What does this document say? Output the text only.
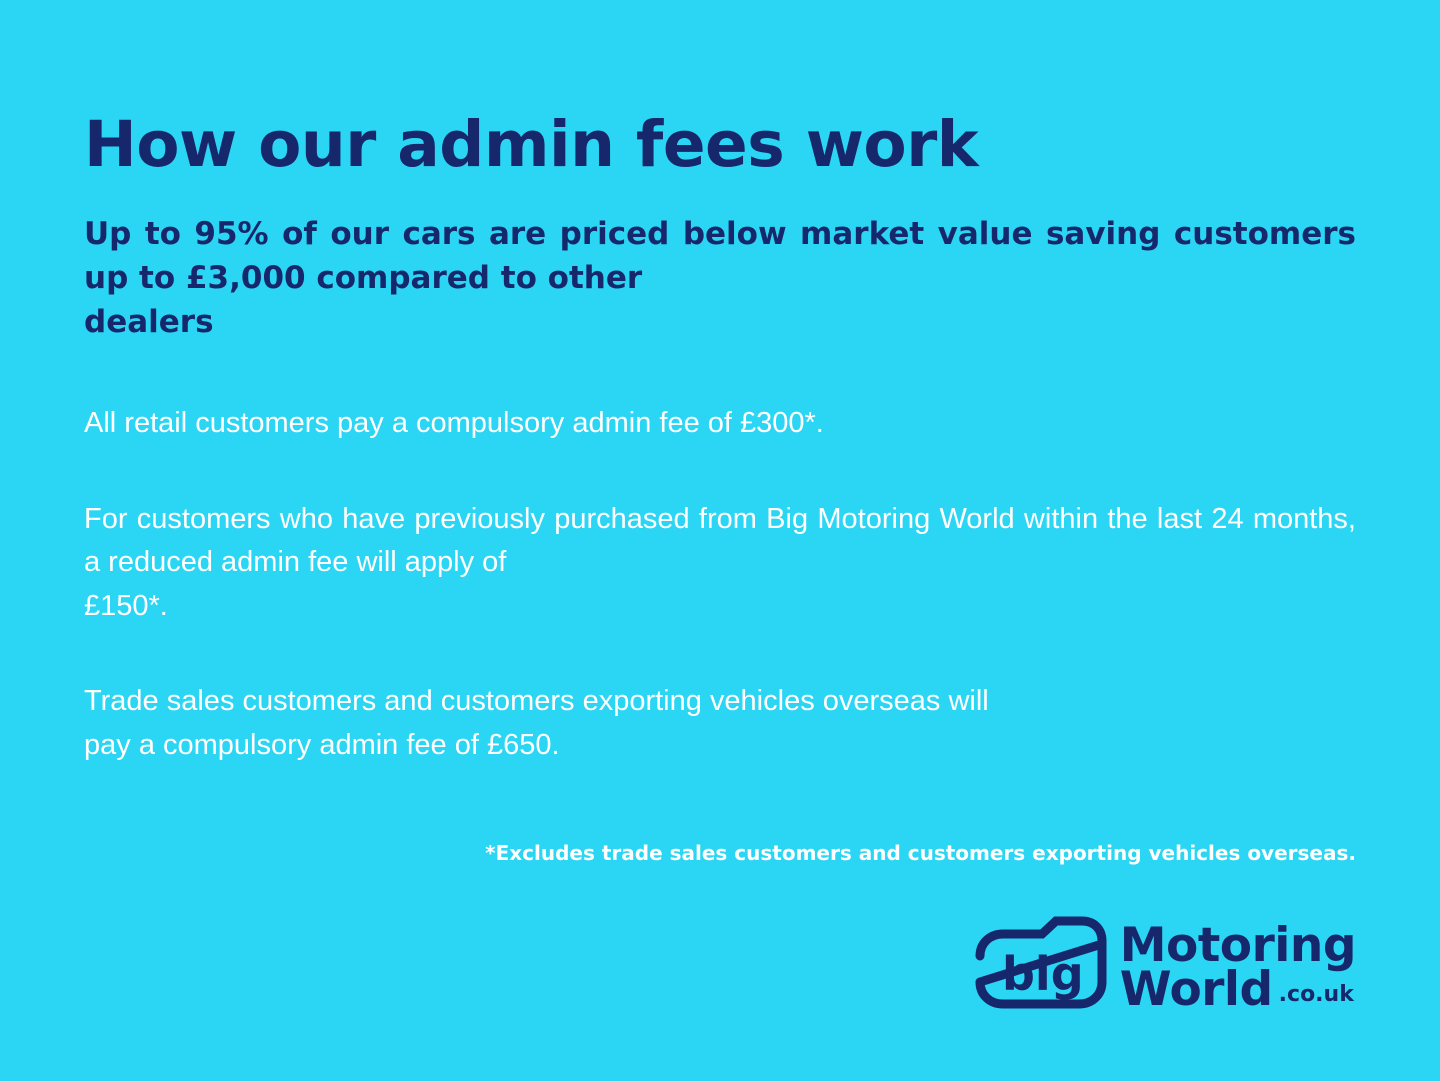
How our admin fees work
Up to 95% of our cars are priced below market value saving customers up to £3,000 compared to other
dealers

All retail customers pay a compulsory admin fee of £300*.

For customers who have previously purchased from Big Motoring World within the last 24 months, a reduced admin fee will apply of
£150*.

Trade sales customers and customers exporting vehicles overseas will
pay a compulsory admin fee of £650.

*Excludes trade sales customers and customers exporting vehicles overseas.
big
Motoring
World .co.uk
